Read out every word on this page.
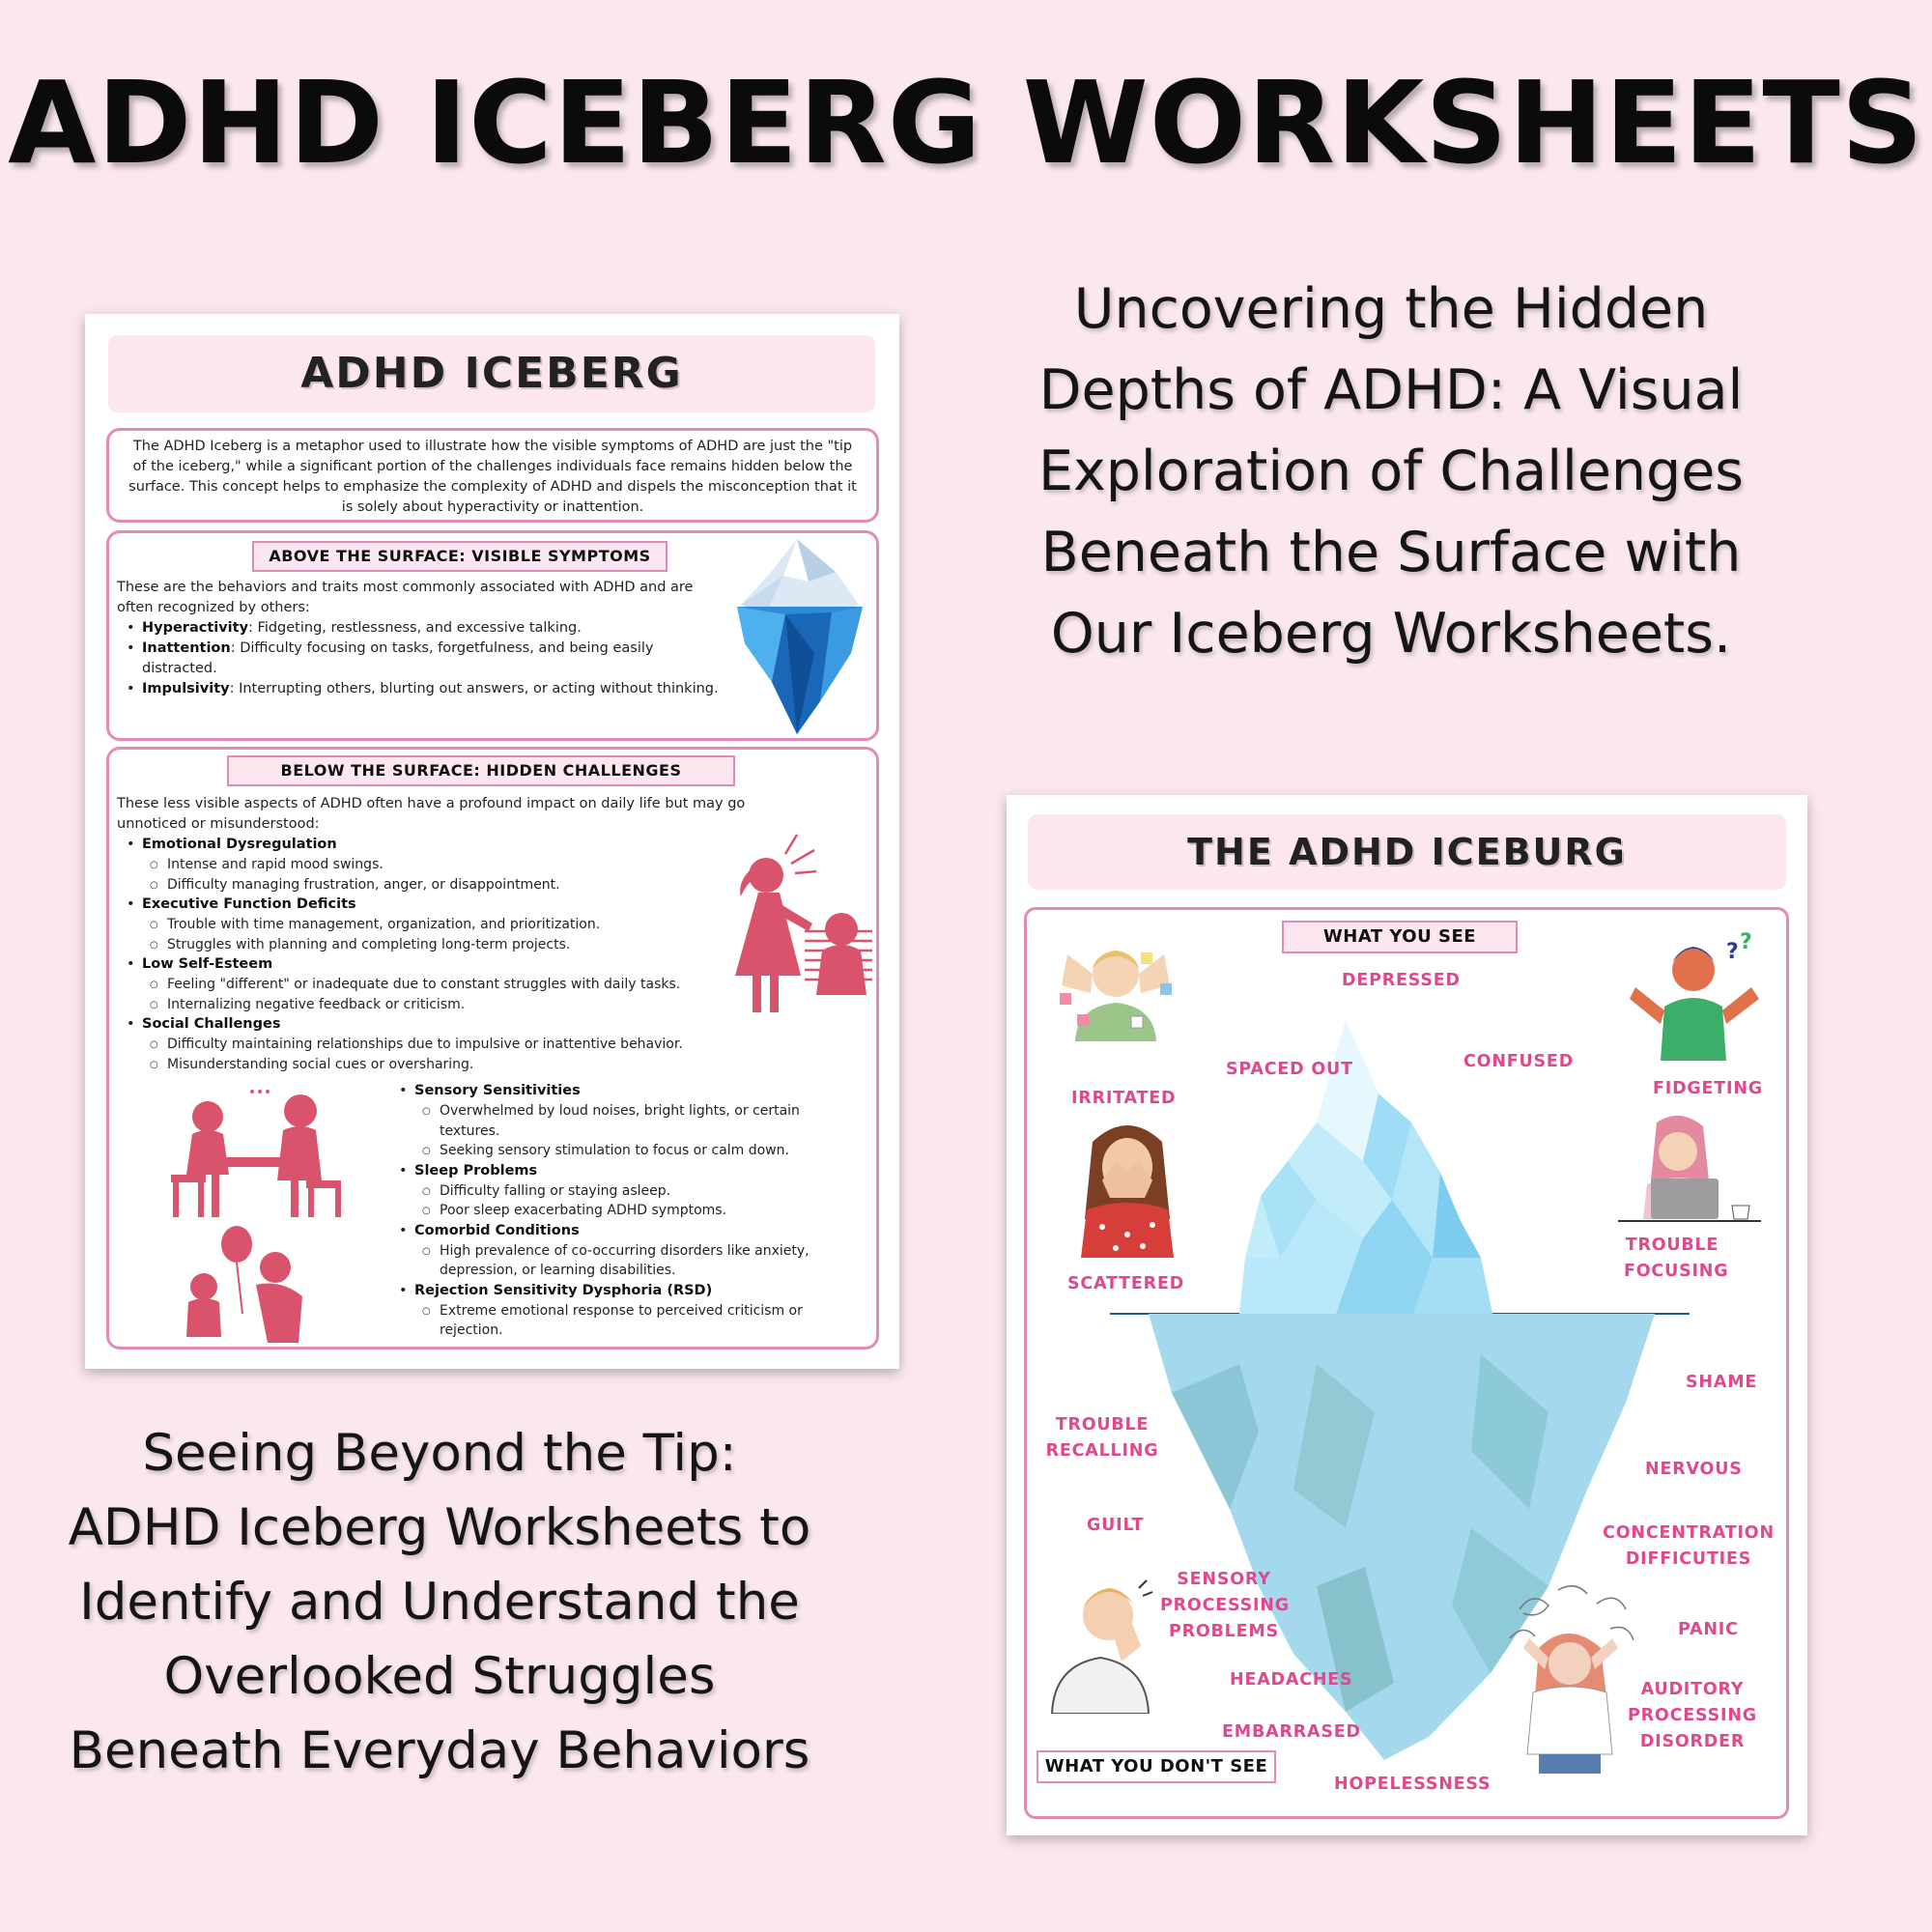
ADHD ICEBERG WORKSHEETS
Uncovering the Hidden Depths of ADHD: A Visual Exploration of Challenges Beneath the Surface with Our Iceberg Worksheets.
Seeing Beyond the Tip: ADHD Iceberg Worksheets to Identify and Understand the Overlooked Struggles Beneath Everyday Behaviors
ADHD ICEBERG
The ADHD Iceberg is a metaphor used to illustrate how the visible symptoms of ADHD are just the "tip of the iceberg," while a significant portion of the challenges individuals face remains hidden below the surface. This concept helps to emphasize the complexity of ADHD and dispels the misconception that it is solely about hyperactivity or inattention.
ABOVE THE SURFACE: VISIBLE SYMPTOMS
These are the behaviors and traits most commonly associated with ADHD and are often recognized by others:
• Hyperactivity: Fidgeting, restlessness, and excessive talking.
• Inattention: Difficulty focusing on tasks, forgetfulness, and being easily distracted.
• Impulsivity: Interrupting others, blurting out answers, or acting without thinking.
BELOW THE SURFACE: HIDDEN CHALLENGES
These less visible aspects of ADHD often have a profound impact on daily life but may go unnoticed or misunderstood:
• Emotional Dysregulation
○ Intense and rapid mood swings.
○ Difficulty managing frustration, anger, or disappointment.
• Executive Function Deficits
○ Trouble with time management, organization, and prioritization.
○ Struggles with planning and completing long-term projects.
• Low Self-Esteem
○ Feeling "different" or inadequate due to constant struggles with daily tasks.
○ Internalizing negative feedback or criticism.
• Social Challenges
○ Difficulty maintaining relationships due to impulsive or inattentive behavior.
○ Misunderstanding social cues or oversharing.
• Sensory Sensitivities
○ Overwhelmed by loud noises, bright lights, or certain textures.
○ Seeking sensory stimulation to focus or calm down.
• Sleep Problems
○ Difficulty falling or staying asleep.
○ Poor sleep exacerbating ADHD symptoms.
• Comorbid Conditions
○ High prevalence of co-occurring disorders like anxiety, depression, or learning disabilities.
• Rejection Sensitivity Dysphoria (RSD)
○ Extreme emotional response to perceived criticism or rejection.
THE ADHD ICEBURG
WHAT YOU SEE
WHAT YOU DON'T SEE
DEPRESSED
SPACED OUT	CONFUSED
IRRITATED	FIDGETING
TROUBLE FOCUSING
SCATTERED
SHAME
TROUBLE RECALLING
NERVOUS
GUILT	CONCENTRATION DIFFICUTIES
SENSORY PROCESSING PROBLEMS	PANIC
HEADACHES	AUDITORY PROCESSING DISORDER
EMBARRASED
HOPELESSNESS
? ?
